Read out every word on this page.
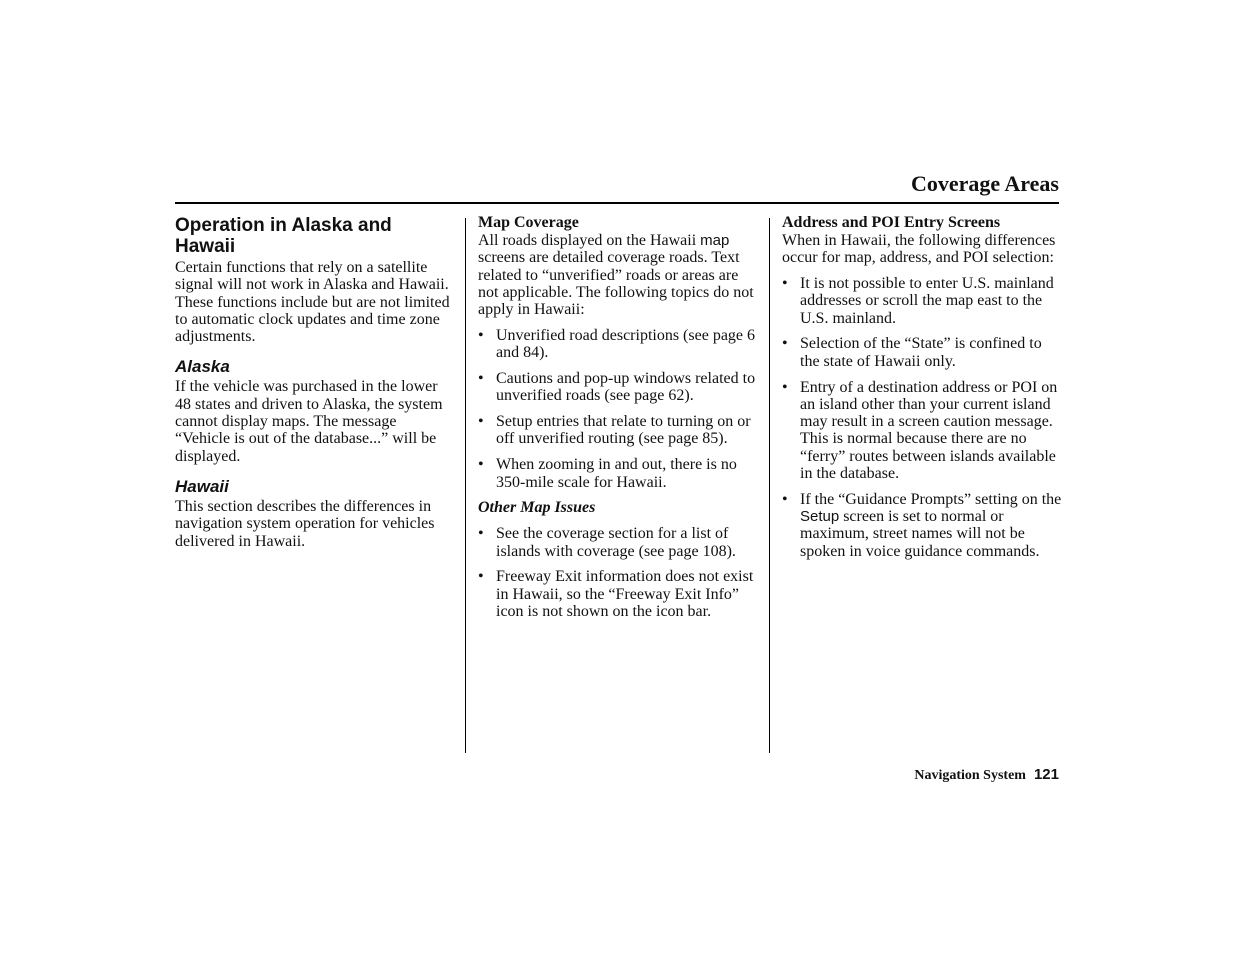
Coverage Areas
Operation in Alaska and Hawaii

Certain functions that rely on a satellite signal will not work in Alaska and Hawaii. These functions include but are not limited to automatic clock updates and time zone adjustments.

Alaska

If the vehicle was purchased in the lower 48 states and driven to Alaska, the system cannot display maps. The message “Vehicle is out of the database...” will be displayed.

Hawaii

This section describes the differences in navigation system operation for vehicles delivered in Hawaii.

Map Coverage

All roads displayed on the Hawaii map screens are detailed coverage roads. Text related to “unverified” roads or areas are not applicable. The following topics do not apply in Hawaii:

• Unverified road descriptions (see page 6 and 84).
• Cautions and pop-up windows related to unverified roads (see page 62).
• Setup entries that relate to turning on or off unverified routing (see page 85).
• When zooming in and out, there is no 350-mile scale for Hawaii.
Other Map Issues
• See the coverage section for a list of islands with coverage (see page 108).
• Freeway Exit information does not exist in Hawaii, so the “Freeway Exit Info” icon is not shown on the icon bar.
Address and POI Entry Screens

When in Hawaii, the following differences occur for map, address, and POI selection:

• It is not possible to enter U.S. mainland addresses or scroll the map east to the U.S. mainland.
• Selection of the “State” is confined to the state of Hawaii only.
• Entry of a destination address or POI on an island other than your current island may result in a screen caution message. This is normal because there are no “ferry” routes between islands available in the database.
• If the “Guidance Prompts” setting on the Setup screen is set to normal or maximum, street names will not be spoken in voice guidance commands.
Navigation System 121
